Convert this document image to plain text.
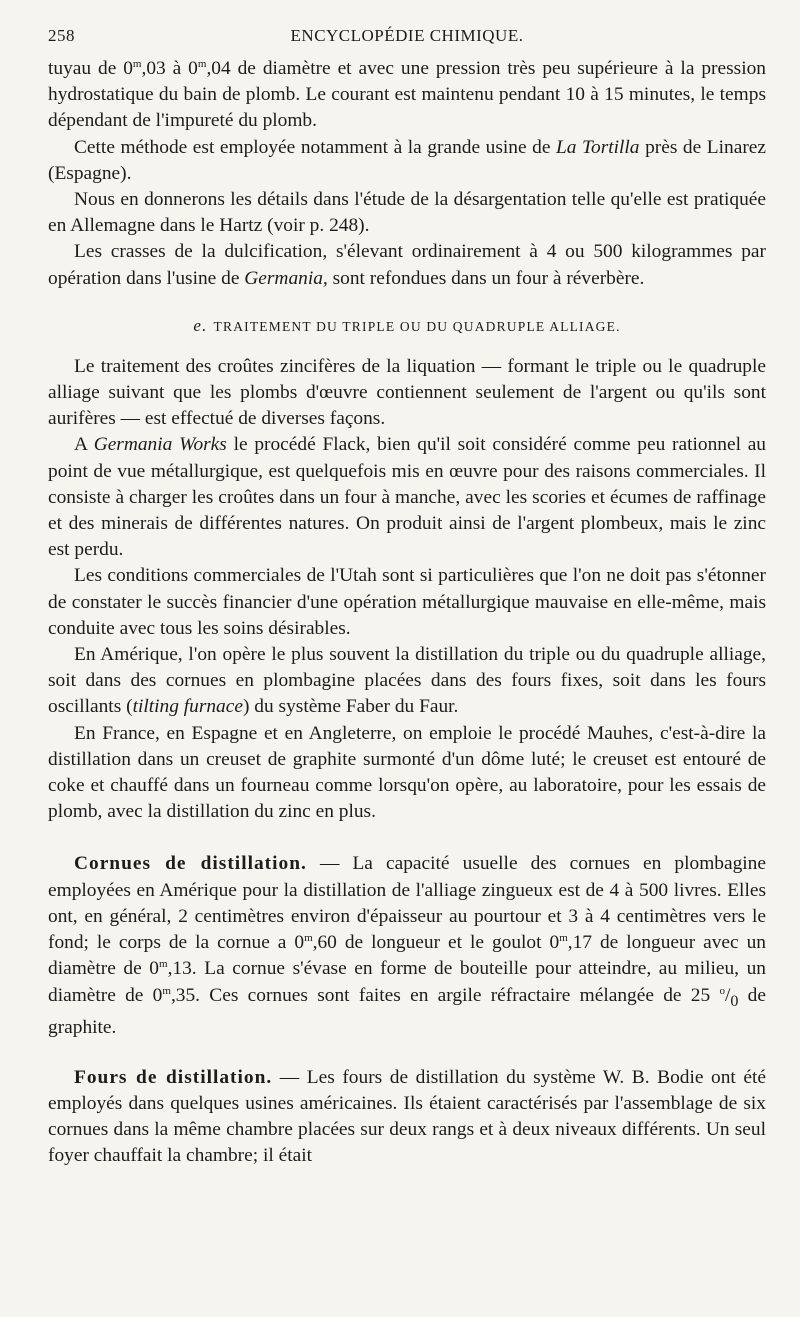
258	ENCYCLOPÉDIE CHIMIQUE.

tuyau de 0$^m$,03 à 0$^m$,04 de diamètre et avec une pression très peu supérieure à la pression hydrostatique du bain de plomb. Le courant est maintenu pendant 10 à 15 minutes, le temps dépendant de l'impureté du plomb.

Cette méthode est employée notamment à la grande usine de La Tortilla près de Linarez (Espagne).

Nous en donnerons les détails dans l'étude de la désargentation telle qu'elle est pratiquée en Allemagne dans le Hartz (voir p. 248).

Les crasses de la dulcification, s'élevant ordinairement à 4 ou 500 kilogrammes par opération dans l'usine de Germania, sont refondues dans un four à réverbère.

e. TRAITEMENT DU TRIPLE OU DU QUADRUPLE ALLIAGE.

Le traitement des croûtes zincifères de la liquation — formant le triple ou le quadruple alliage suivant que les plombs d'œuvre contiennent seulement de l'argent ou qu'ils sont aurifères — est effectué de diverses façons.

A Germania Works le procédé Flack, bien qu'il soit considéré comme peu rationnel au point de vue métallurgique, est quelquefois mis en œuvre pour des raisons commerciales. Il consiste à charger les croûtes dans un four à manche, avec les scories et écumes de raffinage et des minerais de différentes natures. On produit ainsi de l'argent plombeux, mais le zinc est perdu.

Les conditions commerciales de l'Utah sont si particulières que l'on ne doit pas s'étonner de constater le succès financier d'une opération métallurgique mauvaise en elle-même, mais conduite avec tous les soins désirables.

En Amérique, l'on opère le plus souvent la distillation du triple ou du quadruple alliage, soit dans des cornues en plombagine placées dans des fours fixes, soit dans les fours oscillants (tilting furnace) du système Faber du Faur.

En France, en Espagne et en Angleterre, on emploie le procédé Mauhes, c'est-à-dire la distillation dans un creuset de graphite surmonté d'un dôme luté; le creuset est entouré de coke et chauffé dans un fourneau comme lorsqu'on opère, au laboratoire, pour les essais de plomb, avec la distillation du zinc en plus.

Cornues de distillation. — La capacité usuelle des cornues en plombagine employées en Amérique pour la distillation de l'alliage zingueux est de 4 à 500 livres. Elles ont, en général, 2 centimètres environ d'épaisseur au pourtour et 3 à 4 centimètres vers le fond; le corps de la cornue a 0$^m$,60 de longueur et le goulot 0$^m$,17 de longueur avec un diamètre de 0$^m$,13. La cornue s'évase en forme de bouteille pour atteindre, au milieu, un diamètre de 0$^m$,35. Ces cornues sont faites en argile réfractaire mélangée de 25 $^o/_0$ de graphite.

Fours de distillation. — Les fours de distillation du système W. B. Bodie ont été employés dans quelques usines américaines. Ils étaient caractérisés par l'assemblage de six cornues dans la même chambre placées sur deux rangs et à deux niveaux différents. Un seul foyer chauffait la chambre; il était
